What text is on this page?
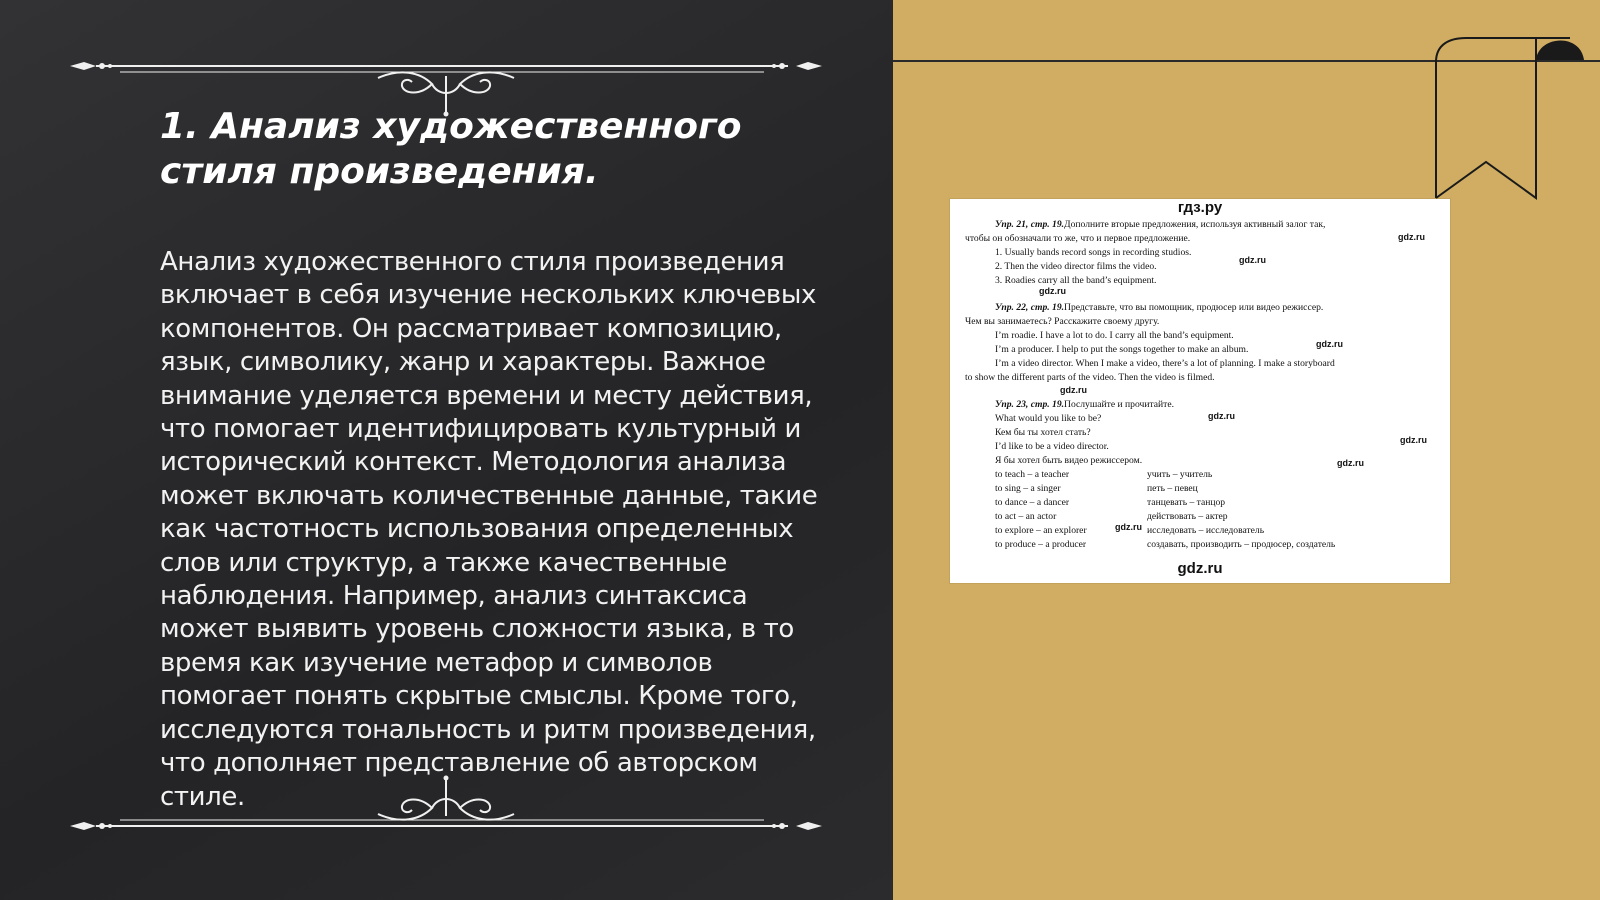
1. Анализ художественного стиля произведения.

Анализ художественного стиля произведения включает в себя изучение нескольких ключевых компонентов. Он рассматривает композицию, язык, символику, жанр и характеры. Важное внимание уделяется времени и месту действия, что помогает идентифицировать культурный и исторический контекст. Методология анализа может включать количественные данные, такие как частотность использования определенных слов или структур, а также качественные наблюдения. Например, анализ синтаксиса может выявить уровень сложности языка, в то время как изучение метафор и символов помогает понять скрытые смыслы. Кроме того, исследуются тональность и ритм произведения, что дополняет представление об авторском стиле.

гдз.ру
Упр. 21, стр. 19.Дополните вторые предложения, используя активный залог так,
чтобы он обозначали то же, что и первое предложение.
1. Usually bands record songs in recording studios.
2. Then the video director films the video.
3. Roadies carry all the band’s equipment.
Упр. 22, стр. 19.Представьте, что вы помощник, продюсер или видео режиссер.
Чем вы занимаетесь? Расскажите своему другу.
I’m roadie. I have a lot to do. I carry all the band’s equipment.
I’m a producer. I help to put the songs together to make an album.
I’m a video director. When I make a video, there’s a lot of planning. I make a storyboard
to show the different parts of the video. Then the video is filmed.
Упр. 23, стр. 19.Послушайте и прочитайте.
What would you like to be?
Кем бы ты хотел стать?
I’d like to be a video director.
Я бы хотел быть видео режиссером.
to teach – a teacher	учить – учитель
to sing – a singer	петь – певец
to dance – a dancer	танцевать – танцор
to act – an actor	действовать – актер
to explore – an explorer	исследовать – исследователь
to produce – a producer	создавать, производить – продюсер, создатель
gdz.ru
gdz.ru
gdz.ru
gdz.ru
gdz.ru
gdz.ru
gdz.ru
gdz.ru
gdz.ru
gdz.ru
